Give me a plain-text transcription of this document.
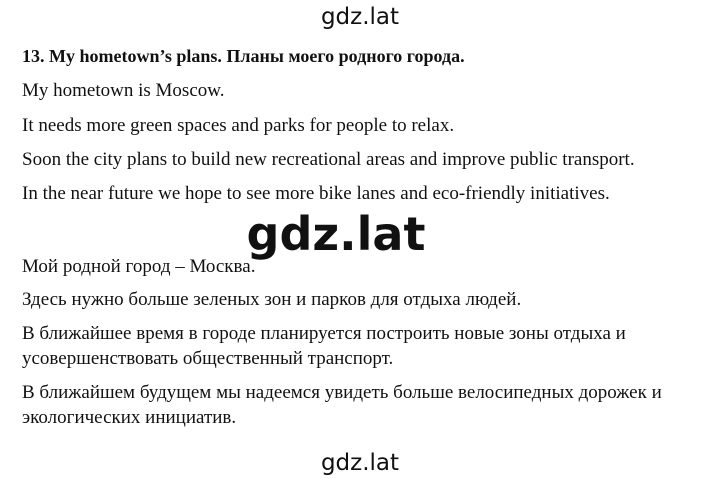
gdz.lat
13. My hometown’s plans. Планы моего родного города.

My hometown is Moscow.

It needs more green spaces and parks for people to relax.

Soon the city plans to build new recreational areas and improve public transport.

In the near future we hope to see more bike lanes and eco-friendly initiatives.

Мой родной город – Москва.

Здесь нужно больше зеленых зон и парков для отдыха людей.

В ближайшее время в городе планируется построить новые зоны отдыха и усовершенствовать общественный транспорт.

В ближайшем будущем мы надеемся увидеть больше велосипедных дорожек и экологических инициатив.

gdz.lat
gdz.lat
